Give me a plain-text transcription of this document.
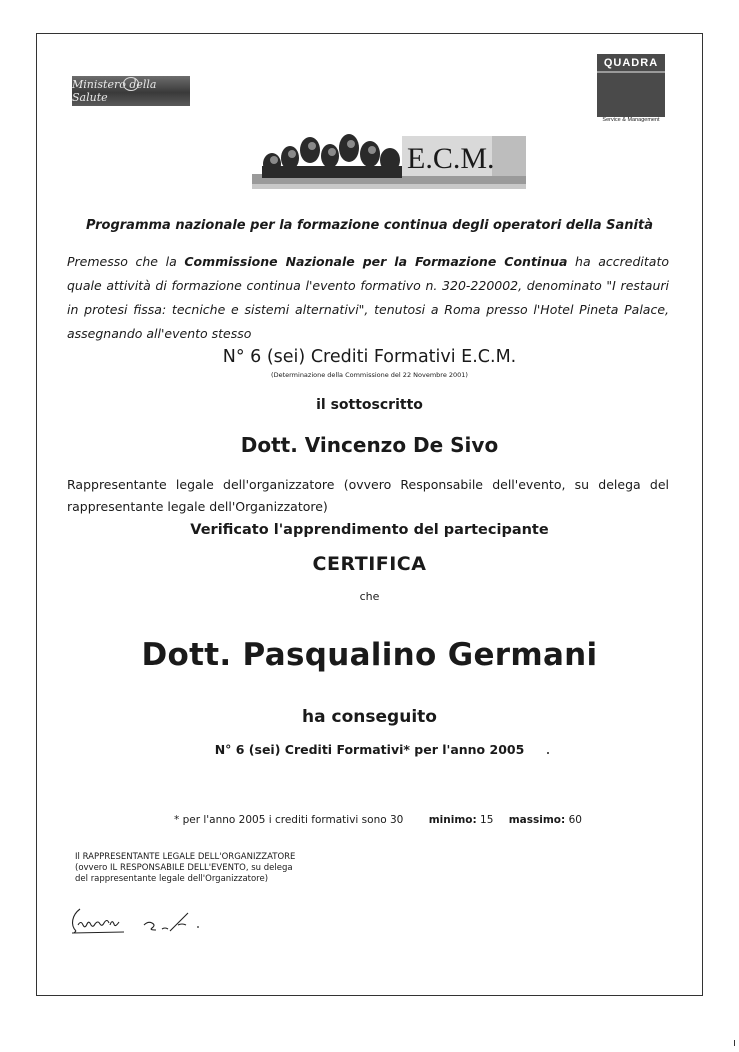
Ministero della Salute
QUADRA
Service & Management
E.C.M.
Programma nazionale per la formazione continua degli operatori della Sanità
Premesso che la Commissione Nazionale per la Formazione Continua ha accreditato quale attività di formazione continua l'evento formativo n. 320-220002, denominato "I restauri in protesi fissa: tecniche e sistemi alternativi", tenutosi a Roma presso l'Hotel Pineta Palace, assegnando all'evento stesso
N° 6 (sei) Crediti Formativi E.C.M.
(Determinazione della Commissione del 22 Novembre 2001)
il sottoscritto
Dott. Vincenzo De Sivo
Rappresentante legale dell'organizzatore (ovvero Responsabile dell'evento, su delega del rappresentante legale dell'Organizzatore)
Verificato l'apprendimento del partecipante
CERTIFICA
che
Dott. Pasqualino Germani
ha conseguito
N° 6 (sei) Crediti Formativi* per l'anno 2005
* per l'anno 2005 i crediti formativi sono 30 minimo: 15 massimo: 60
Il RAPPRESENTANTE LEGALE DELL'ORGANIZZATORE
(ovvero IL RESPONSABILE DELL'EVENTO, su delega
del rappresentante legale dell'Organizzatore)
